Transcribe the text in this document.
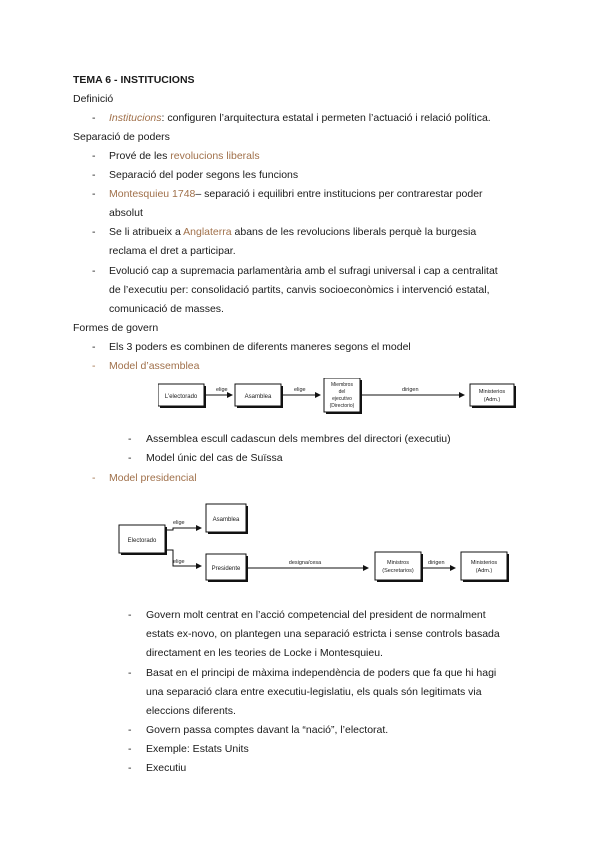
TEMA 6 - INSTITUCIONS
Definició
-	Institucions: configuren l’arquitectura estatal i permeten l’actuació i relació política.
Separació de poders
-	Prové de les revolucions liberals
-	Separació del poder segons les funcions
-	Montesquieu 1748– separació i equilibri entre institucions per contrarestar poder
absolut
-	Se li atribueix a Anglaterra abans de les revolucions liberals perquè la burgesia
reclama el dret a participar.
-	Evolució cap a supremacia parlamentària amb el sufragi universal i cap a centralitat
de l’executiu per: consolidació partits, canvis socioeconòmics i intervenció estatal,
comunicació de masses.
Formes de govern
-	Els 3 poders es combinen de diferents maneres segons el model
-	Model d’assemblea
L'electorado
elige
Asamblea
elige
Miembros
del
ejecutivo
(Directorio)
dirigen	Ministerios
(Adm.)
-	Assemblea escull cadascun dels membres del directori (executiu)
-	Model únic del cas de Suïssa
-	Model presidencial
Electorado
elige
elige
Asamblea
Presidente
designa/cesa	Ministros
(Secretarios)
dirigen	Ministerios
(Adm.)
-	Govern molt centrat en l’acció competencial del president de normalment
estats ex-novo, on plantegen una separació estricta i sense controls basada
directament en les teories de Locke i Montesquieu.
-	Basat en el principi de màxima independència de poders que fa que hi hagi
una separació clara entre executiu-legislatiu, els quals són legitimats via
eleccions diferents.
-	Govern passa comptes davant la “nació”, l’electorat.
-	Exemple: Estats Units
-	Executiu
